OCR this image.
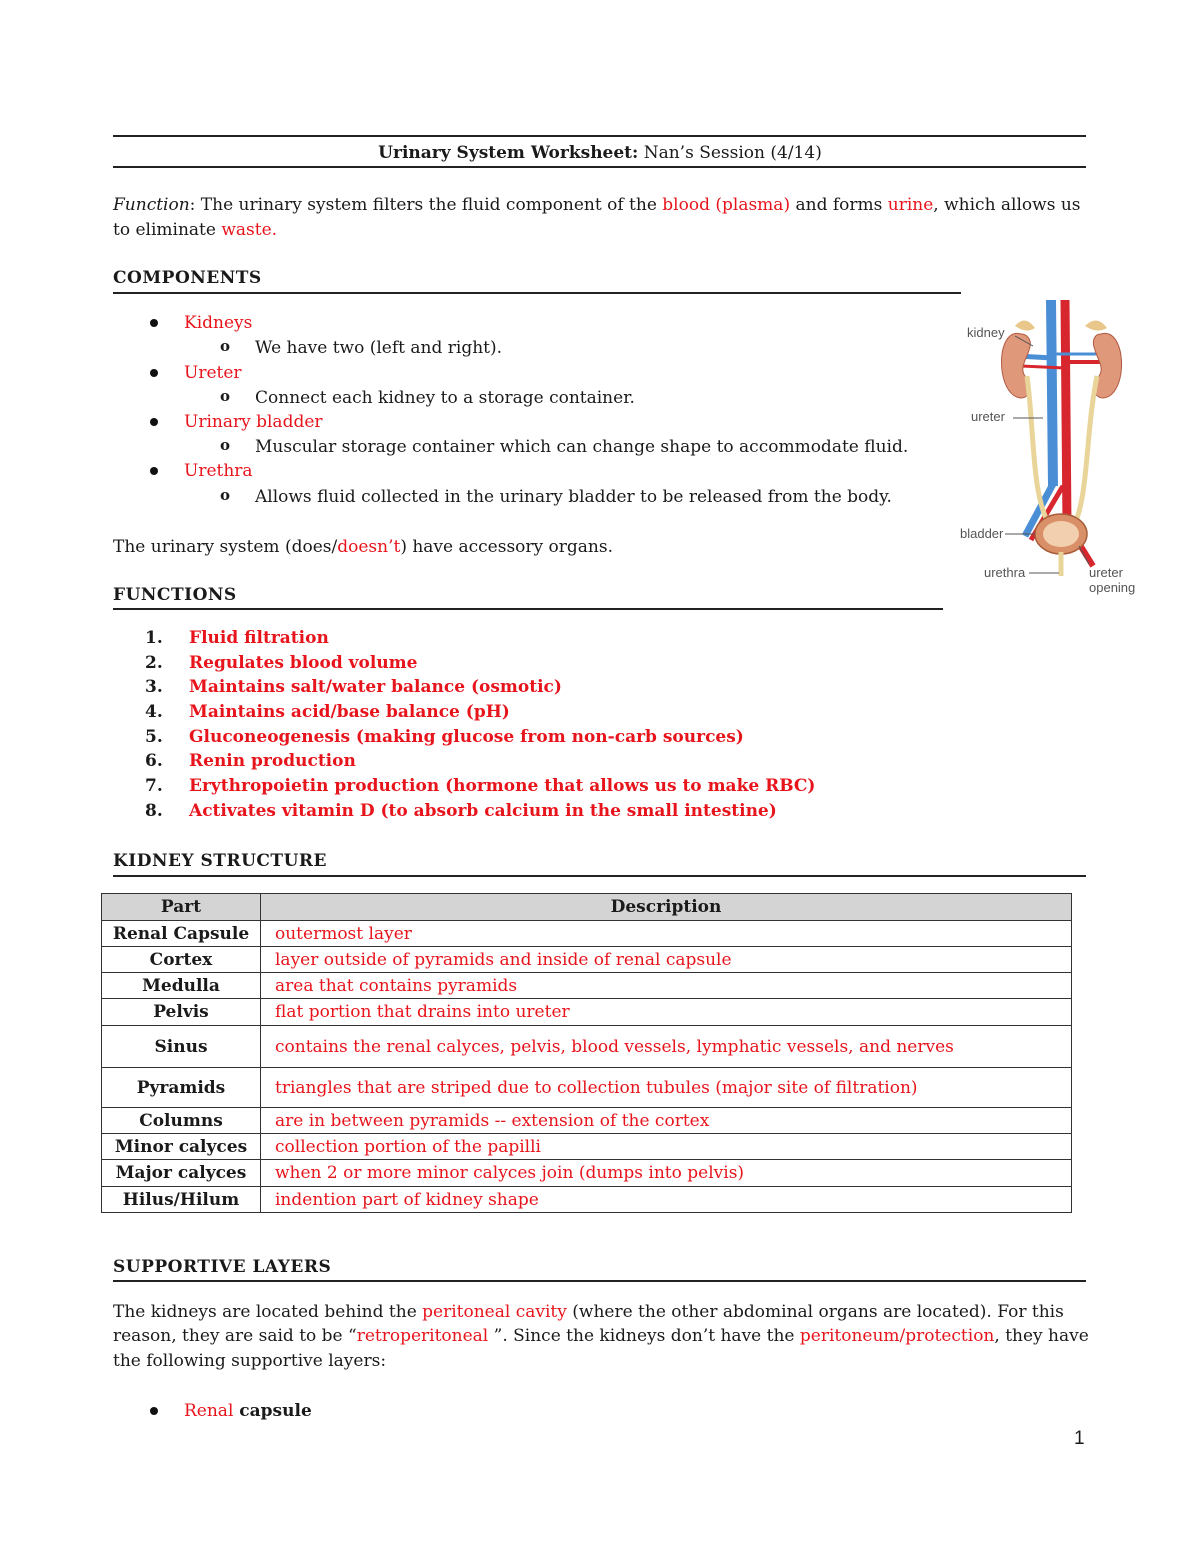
Urinary System Worksheet: Nan’s Session (4/14)
Function: The urinary system filters the fluid component of the blood (plasma) and forms urine, which allows us
to eliminate waste.
COMPONENTS
Kidneys
o We have two (left and right).
Ureter
o Connect each kidney to a storage container.
Urinary bladder
o Muscular storage container which can change shape to accommodate fluid.
Urethra
o Allows fluid collected in the urinary bladder to be released from the body.
The urinary system (does/doesn’t) have accessory organs.
kidney
ureter
bladder
urethra	ureter
opening
FUNCTIONS
1. Fluid filtration
2. Regulates blood volume
3. Maintains salt/water balance (osmotic)
4. Maintains acid/base balance (pH)
5. Gluconeogenesis (making glucose from non-carb sources)
6. Renin production
7. Erythropoietin production (hormone that allows us to make RBC)
8. Activates vitamin D (to absorb calcium in the small intestine)
KIDNEY STRUCTURE
Part	Description
Renal Capsule	outermost layer
Cortex	layer outside of pyramids and inside of renal capsule
Medulla	area that contains pyramids
Pelvis	flat portion that drains into ureter
Sinus	contains the renal calyces, pelvis, blood vessels, lymphatic vessels, and nerves
Pyramids	triangles that are striped due to collection tubules (major site of filtration)
Columns	are in between pyramids -- extension of the cortex
Minor calyces	collection portion of the papilli
Major calyces	when 2 or more minor calyces join (dumps into pelvis)
Hilus/Hilum	indention part of kidney shape
SUPPORTIVE LAYERS
The kidneys are located behind the peritoneal cavity (where the other abdominal organs are located). For this
reason, they are said to be “retroperitoneal ”. Since the kidneys don’t have the peritoneum/protection, they have
the following supportive layers:
Renal capsule
1
